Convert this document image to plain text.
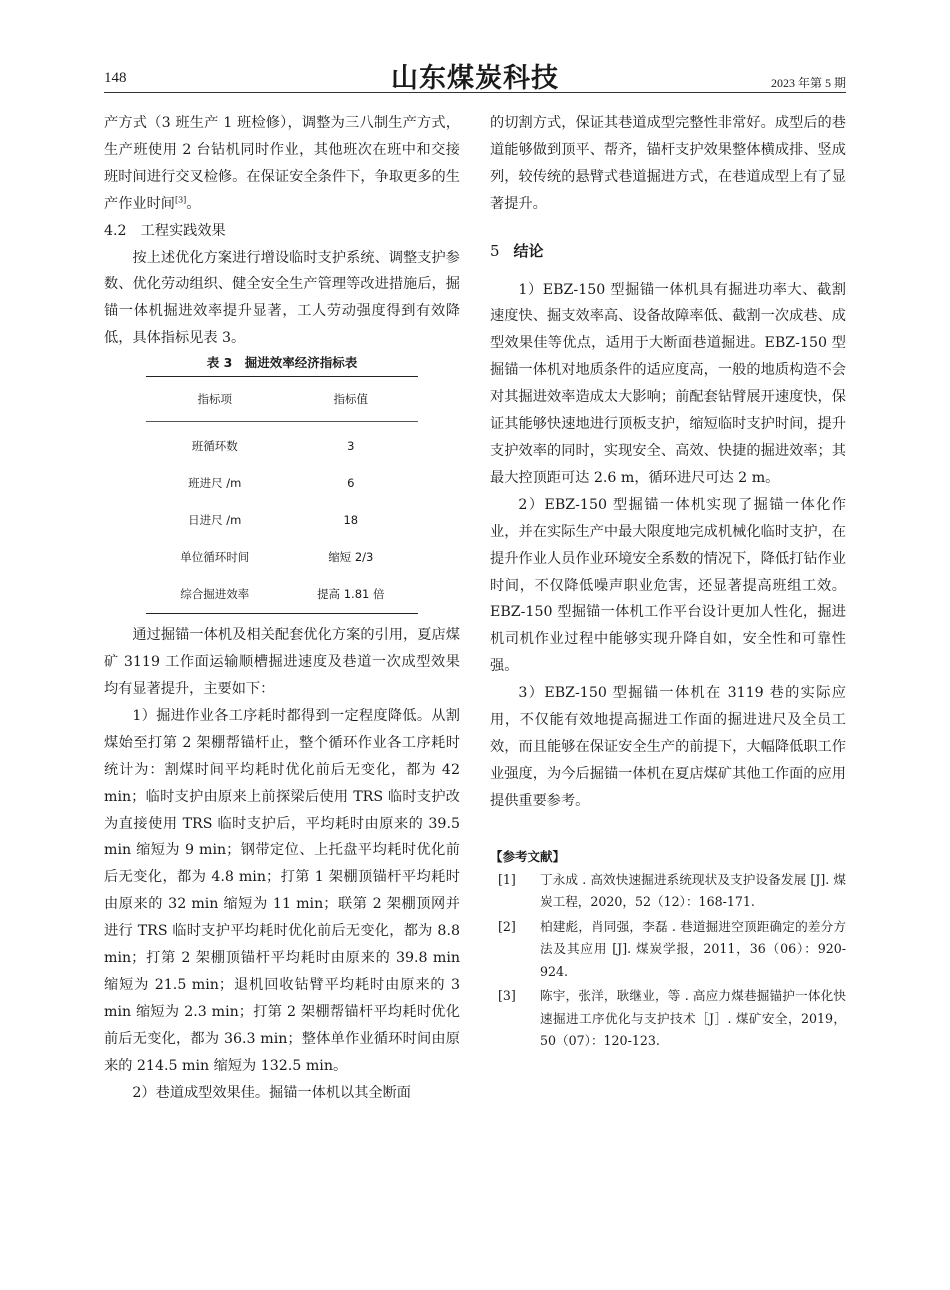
148	山东煤炭科技	2023 年第 5 期

产方式（3 班生产 1 班检修），调整为三八制生产方式，生产班使用 2 台钻机同时作业，其他班次在班中和交接班时间进行交叉检修。在保证安全条件下，争取更多的生产作业时间[3]。

4.2 工程实践效果

按上述优化方案进行增设临时支护系统、调整支护参数、优化劳动组织、健全安全生产管理等改进措施后，掘锚一体机掘进效率提升显著，工人劳动强度得到有效降低，具体指标见表 3。

表 3　掘进效率经济指标表
指标项	指标值
班循环数	3
班进尺 /m	6
日进尺 /m	18
单位循环时间	缩短 2/3
综合掘进效率	提高 1.81 倍

通过掘锚一体机及相关配套优化方案的引用，夏店煤矿 3119 工作面运输顺槽掘进速度及巷道一次成型效果均有显著提升，主要如下：

1）掘进作业各工序耗时都得到一定程度降低。从割煤始至打第 2 架棚帮锚杆止，整个循环作业各工序耗时统计为：割煤时间平均耗时优化前后无变化，都为 42 min；临时支护由原来上前探梁后使用 TRS 临时支护改为直接使用 TRS 临时支护后，平均耗时由原来的 39.5 min 缩短为 9 min；钢带定位、上托盘平均耗时优化前后无变化，都为 4.8 min；打第 1 架棚顶锚杆平均耗时由原来的 32 min 缩短为 11 min；联第 2 架棚顶网并进行 TRS 临时支护平均耗时优化前后无变化，都为 8.8 min；打第 2 架棚顶锚杆平均耗时由原来的 39.8 min 缩短为 21.5 min；退机回收钻臂平均耗时由原来的 3 min 缩短为 2.3 min；打第 2 架棚帮锚杆平均耗时优化前后无变化，都为 36.3 min；整体单作业循环时间由原来的 214.5 min 缩短为 132.5 min。

2）巷道成型效果佳。掘锚一体机以其全断面

的切割方式，保证其巷道成型完整性非常好。成型后的巷道能够做到顶平、帮齐，锚杆支护效果整体横成排、竖成列，较传统的悬臂式巷道掘进方式，在巷道成型上有了显著提升。

5 结论

1）EBZ-150 型掘锚一体机具有掘进功率大、截割速度快、掘支效率高、设备故障率低、截割一次成巷、成型效果佳等优点，适用于大断面巷道掘进。EBZ-150 型掘锚一体机对地质条件的适应度高，一般的地质构造不会对其掘进效率造成太大影响；前配套钻臂展开速度快，保证其能够快速地进行顶板支护，缩短临时支护时间，提升支护效率的同时，实现安全、高效、快捷的掘进效率；其最大控顶距可达 2.6 m，循环进尺可达 2 m。

2）EBZ-150 型掘锚一体机实现了掘锚一体化作业，并在实际生产中最大限度地完成机械化临时支护，在提升作业人员作业环境安全系数的情况下，降低打钻作业时间，不仅降低噪声职业危害，还显著提高班组工效。EBZ-150 型掘锚一体机工作平台设计更加人性化，掘进机司机作业过程中能够实现升降自如，安全性和可靠性强。

3）EBZ-150 型掘锚一体机在 3119 巷的实际应用，不仅能有效地提高掘进工作面的掘进进尺及全员工效，而且能够在保证安全生产的前提下，大幅降低职工作业强度，为今后掘锚一体机在夏店煤矿其他工作面的应用提供重要参考。

【参考文献】
[1]	丁永成 . 高效快速掘进系统现状及支护设备发展 [J]. 煤炭工程，2020，52（12）：168-171.
[2]	柏建彪，肖同强，李磊 . 巷道掘进空顶距确定的差分方法及其应用 [J]. 煤炭学报，2011，36（06）：920-924.
[3]	陈宇，张洋，耿继业，等 . 高应力煤巷掘锚护一体化快速掘进工序优化与支护技术［J］. 煤矿安全，2019，50（07）：120-123.
